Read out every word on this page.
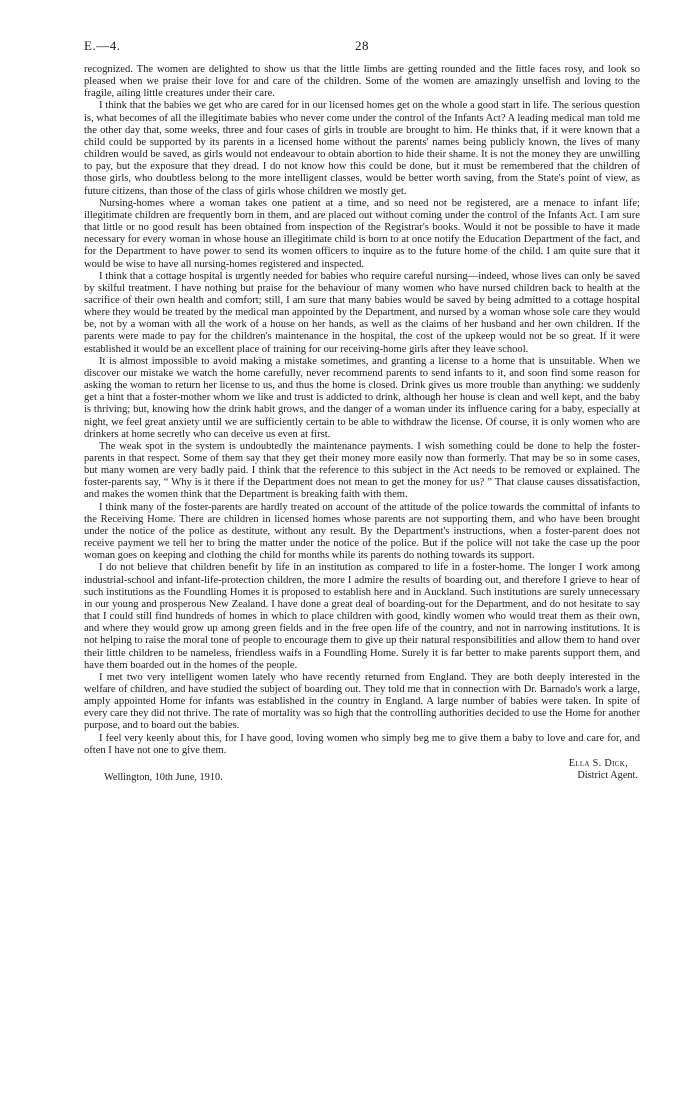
E.—4.	28

recognized. The women are delighted to show us that the little limbs are getting rounded and the little faces rosy, and look so pleased when we praise their love for and care of the children. Some of the women are amazingly unselfish and loving to the fragile, ailing little creatures under their care.

I think that the babies we get who are cared for in our licensed homes get on the whole a good start in life. The serious question is, what becomes of all the illegitimate babies who never come under the control of the Infants Act? A leading medical man told me the other day that, some weeks, three and four cases of girls in trouble are brought to him. He thinks that, if it were known that a child could be supported by its parents in a licensed home without the parents' names being publicly known, the lives of many children would be saved, as girls would not endeavour to obtain abortion to hide their shame. It is not the money they are unwilling to pay, but the exposure that they dread. I do not know how this could be done, but it must be remembered that the children of those girls, who doubtless belong to the more intelligent classes, would be better worth saving, from the State's point of view, as future citizens, than those of the class of girls whose children we mostly get.

Nursing-homes where a woman takes one patient at a time, and so need not be registered, are a menace to infant life; illegitimate children are frequently born in them, and are placed out without coming under the control of the Infants Act. I am sure that little or no good result has been obtained from inspection of the Registrar's books. Would it not be possible to have it made necessary for every woman in whose house an illegitimate child is born to at once notify the Education Department of the fact, and for the Department to have power to send its women officers to inquire as to the future home of the child. I am quite sure that it would be wise to have all nursing-homes registered and inspected.

I think that a cottage hospital is urgently needed for babies who require careful nursing—indeed, whose lives can only be saved by skilful treatment. I have nothing but praise for the behaviour of many women who have nursed children back to health at the sacrifice of their own health and comfort; still, I am sure that many babies would be saved by being admitted to a cottage hospital where they would be treated by the medical man appointed by the Department, and nursed by a woman whose sole care they would be, not by a woman with all the work of a house on her hands, as well as the claims of her husband and her own children. If the parents were made to pay for the children's maintenance in the hospital, the cost of the upkeep would not be so great. If it were established it would be an excellent place of training for our receiving-home girls after they leave school.

It is almost impossible to avoid making a mistake sometimes, and granting a license to a home that is unsuitable. When we discover our mistake we watch the home carefully, never recommend parents to send infants to it, and soon find some reason for asking the woman to return her license to us, and thus the home is closed. Drink gives us more trouble than anything: we suddenly get a hint that a foster-mother whom we like and trust is addicted to drink, although her house is clean and well kept, and the baby is thriving; but, knowing how the drink habit grows, and the danger of a woman under its influence caring for a baby, especially at night, we feel great anxiety until we are sufficiently certain to be able to withdraw the license. Of course, it is only women who are drinkers at home secretly who can deceive us even at first.

The weak spot in the system is undoubtedly the maintenance payments. I wish something could be done to help the foster-parents in that respect. Some of them say that they get their money more easily now than formerly. That may be so in some cases, but many women are very badly paid. I think that the reference to this subject in the Act needs to be removed or explained. The foster-parents say, “ Why is it there if the Department does not mean to get the money for us? ” That clause causes dissatisfaction, and makes the women think that the Department is breaking faith with them.

I think many of the foster-parents are hardly treated on account of the attitude of the police towards the committal of infants to the Receiving Home. There are children in licensed homes whose parents are not supporting them, and who have been brought under the notice of the police as destitute, without any result. By the Department's instructions, when a foster-parent does not receive payment we tell her to bring the matter under the notice of the police. But if the police will not take the case up the poor woman goes on keeping and clothing the child for months while its parents do nothing towards its support.

I do not believe that children benefit by life in an institution as compared to life in a foster-home. The longer I work among industrial-school and infant-life-protection children, the more I admire the results of boarding out, and therefore I grieve to hear of such institutions as the Foundling Homes it is proposed to establish here and in Auckland. Such institutions are surely unnecessary in our young and prosperous New Zealand. I have done a great deal of boarding-out for the Department, and do not hesitate to say that I could still find hundreds of homes in which to place children with good, kindly women who would treat them as their own, and where they would grow up among green fields and in the free open life of the country, and not in narrowing institutions. It is not helping to raise the moral tone of people to encourage them to give up their natural responsibilities and allow them to hand over their little children to be nameless, friendless waifs in a Foundling Home. Surely it is far better to make parents support them, and have them boarded out in the homes of the people.

I met two very intelligent women lately who have recently returned from England. They are both deeply interested in the welfare of children, and have studied the subject of boarding out. They told me that in connection with Dr. Barnado's work a large, amply appointed Home for infants was established in the country in England. A large number of babies were taken. In spite of every care they did not thrive. The rate of mortality was so high that the controlling authorities decided to use the Home for another purpose, and to board out the babies.

I feel very keenly about this, for I have good, loving women who simply beg me to give them a baby to love and care for, and often I have not one to give them.

Ella S. Dick,
District Agent.
Wellington, 10th June, 1910.
